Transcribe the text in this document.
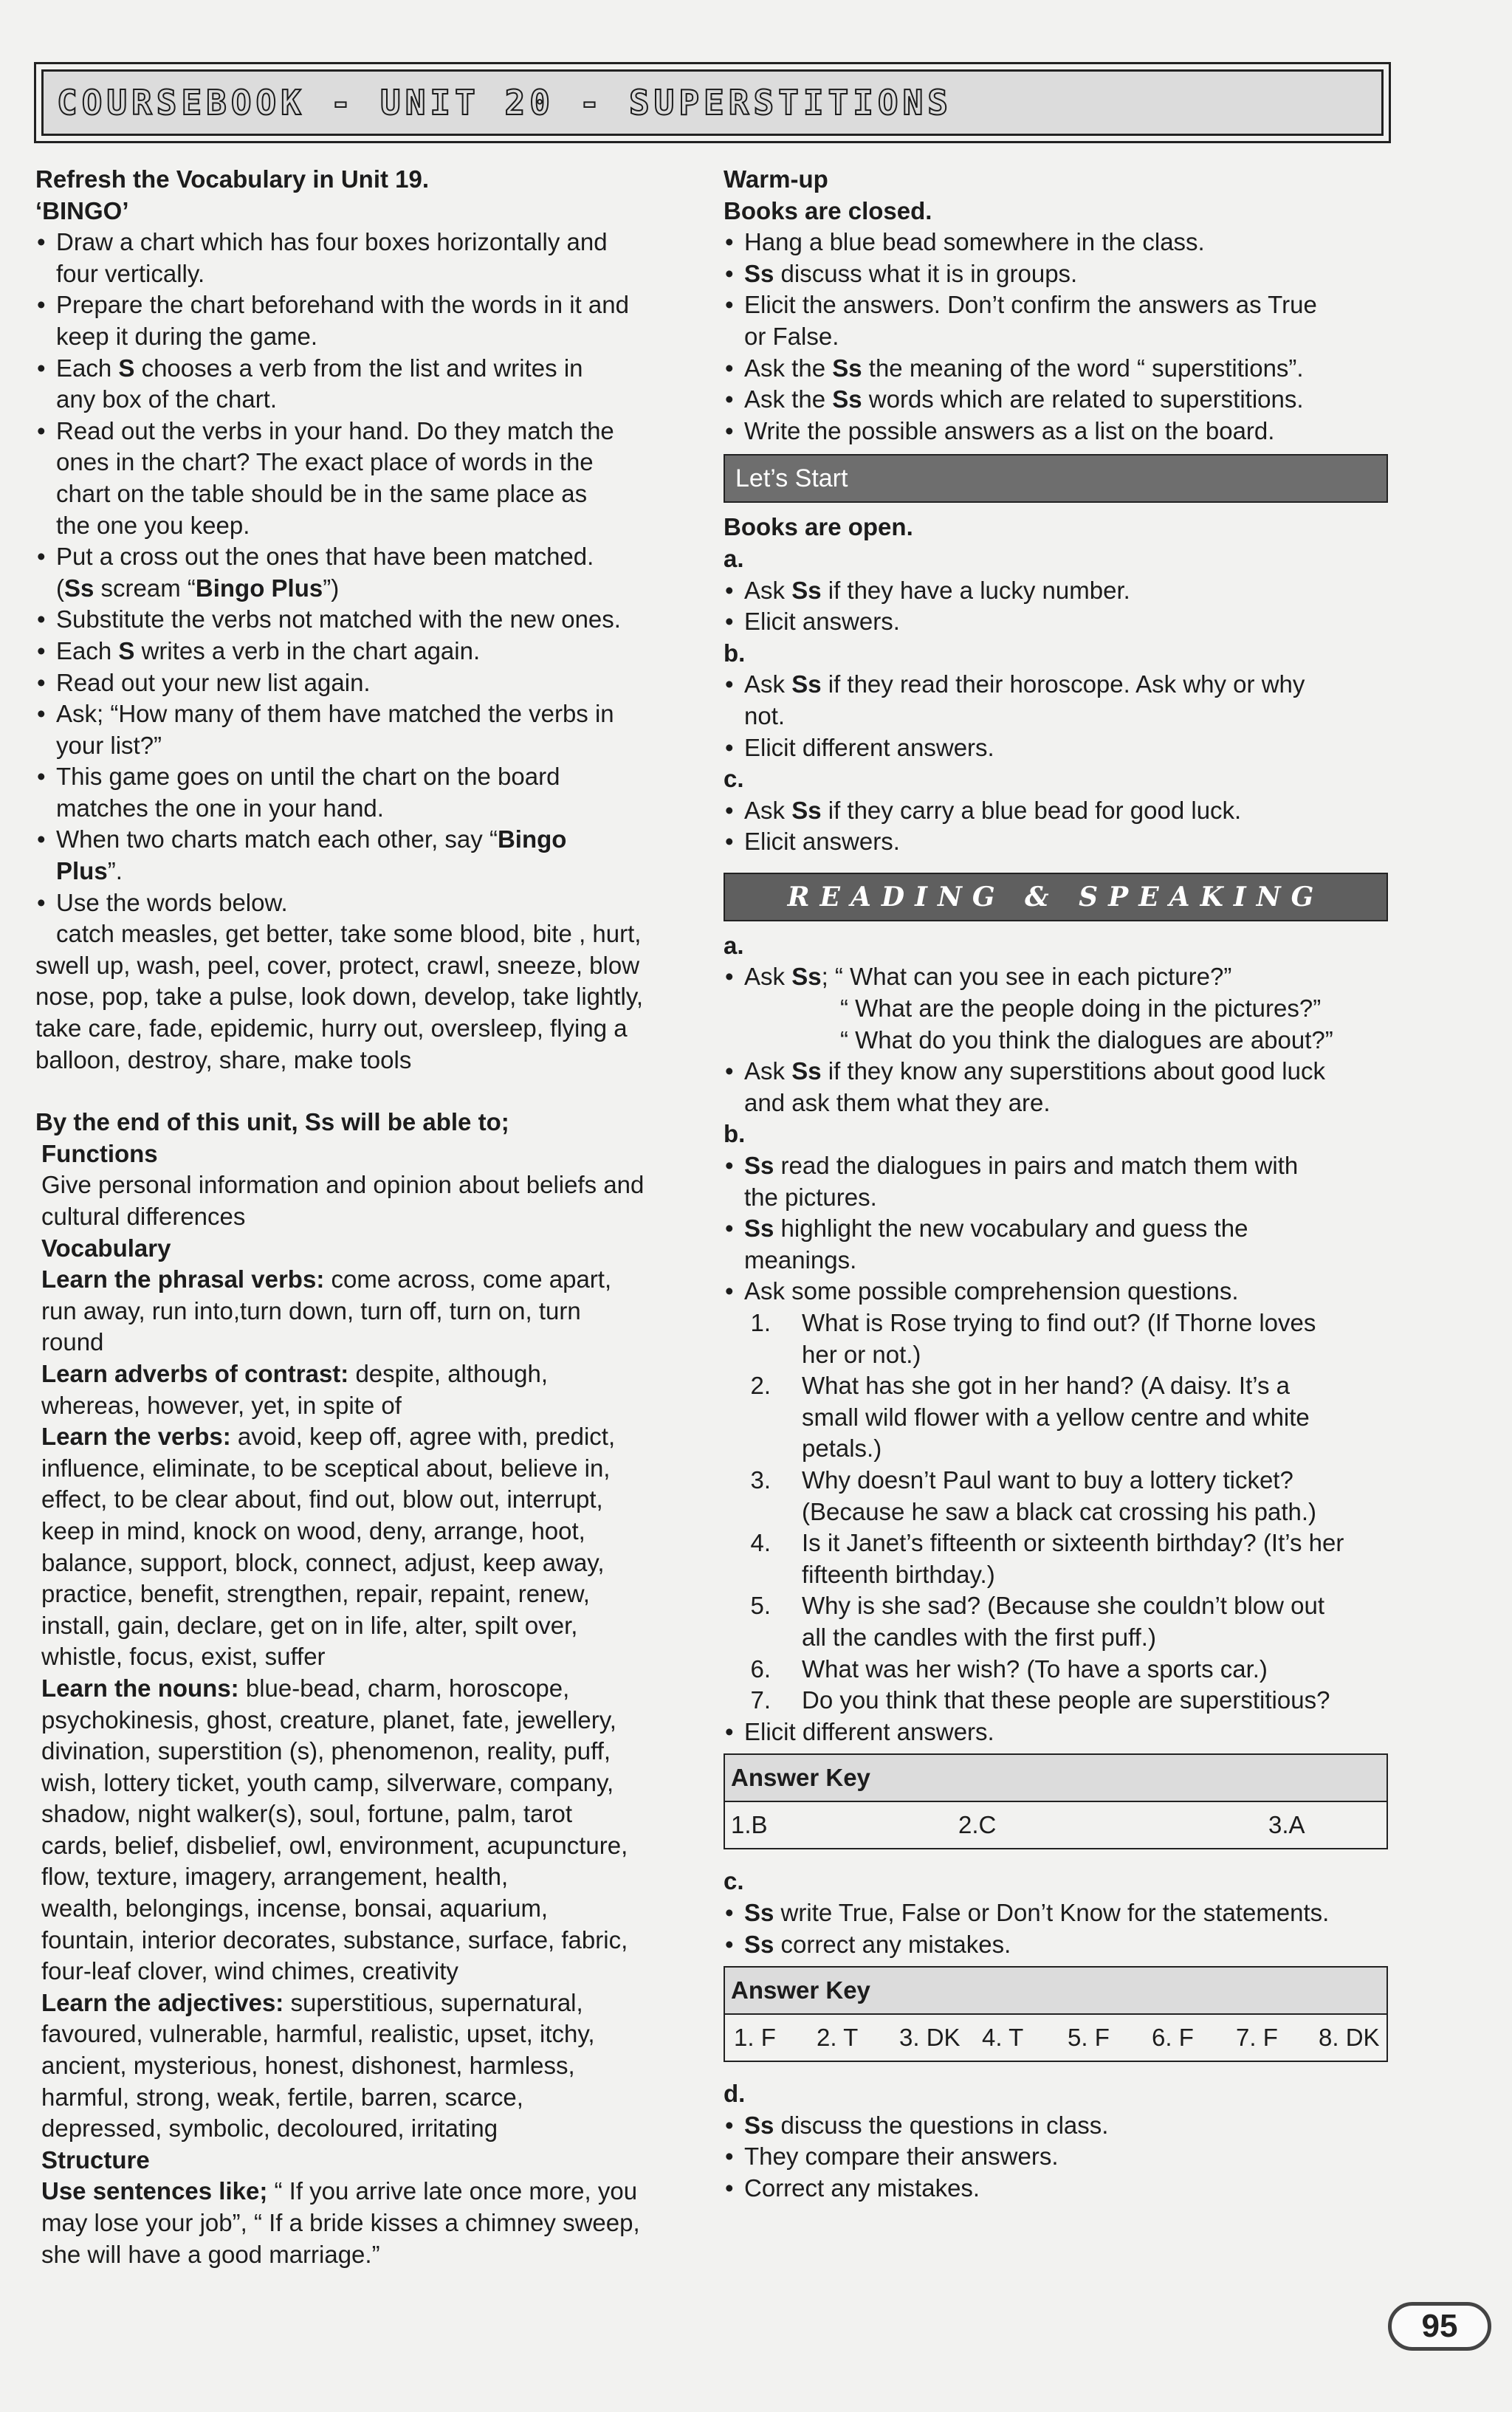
COURSEBOOK - UNIT 20 - SUPERSTITIONS
Refresh the Vocabulary in Unit 19.
‘BINGO’
• Draw a chart which has four boxes horizontally and
four vertically.
• Prepare the chart beforehand with the words in it and
keep it during the game.
• Each S chooses a verb from the list and writes in
any box of the chart.
• Read out the verbs in your hand. Do they match the
ones in the chart? The exact place of words in the
chart on the table should be in the same place as
the one you keep.
• Put a cross out the ones that have been matched.
(Ss scream “Bingo Plus”)
• Substitute the verbs not matched with the new ones.
• Each S writes a verb in the chart again.
• Read out your new list again.
• Ask; “How many of them have matched the verbs in
your list?”
• This game goes on until the chart on the board
matches the one in your hand.
• When two charts match each other, say “Bingo
Plus”.
• Use the words below.
catch measles, get better, take some blood, bite , hurt,
swell up, wash, peel, cover, protect, crawl, sneeze, blow
nose, pop, take a pulse, look down, develop, take lightly,
take care, fade, epidemic, hurry out, oversleep, flying a
balloon, destroy, share, make tools
By the end of this unit, Ss will be able to;
Functions
Give personal information and opinion about beliefs and
cultural differences
Vocabulary
Learn the phrasal verbs: come across, come apart,
run away, run into,turn down, turn off, turn on, turn
round
Learn adverbs of contrast: despite, although,
whereas, however, yet, in spite of
Learn the verbs: avoid, keep off, agree with, predict,
influence, eliminate, to be sceptical about, believe in,
effect, to be clear about, find out, blow out, interrupt,
keep in mind, knock on wood, deny, arrange, hoot,
balance, support, block, connect, adjust, keep away,
practice, benefit, strengthen, repair, repaint, renew,
install, gain, declare, get on in life, alter, spilt over,
whistle, focus, exist, suffer
Learn the nouns: blue-bead, charm, horoscope,
psychokinesis, ghost, creature, planet, fate, jewellery,
divination, superstition (s), phenomenon, reality, puff,
wish, lottery ticket, youth camp, silverware, company,
shadow, night walker(s), soul, fortune, palm, tarot
cards, belief, disbelief, owl, environment, acupuncture,
flow, texture, imagery, arrangement, health,
wealth, belongings, incense, bonsai, aquarium,
fountain, interior decorates, substance, surface, fabric,
four-leaf clover, wind chimes, creativity
Learn the adjectives: superstitious, supernatural,
favoured, vulnerable, harmful, realistic, upset, itchy,
ancient, mysterious, honest, dishonest, harmless,
harmful, strong, weak, fertile, barren, scarce,
depressed, symbolic, decoloured, irritating
Structure
Use sentences like; “ If you arrive late once more, you
may lose your job”, “ If a bride kisses a chimney sweep,
she will have a good marriage.”
Warm-up
Books are closed.
• Hang a blue bead somewhere in the class.
• Ss discuss what it is in groups.
• Elicit the answers. Don’t confirm the answers as True
or False.
• Ask the Ss the meaning of the word “ superstitions”.
• Ask the Ss words which are related to superstitions.
• Write the possible answers as a list on the board.
Let’s Start
Books are open.
a.
• Ask Ss if they have a lucky number.
• Elicit answers.
b.
• Ask Ss if they read their horoscope. Ask why or why
not.
• Elicit different answers.
c.
• Ask Ss if they carry a blue bead for good luck.
• Elicit answers.
READING & SPEAKING
a.
• Ask Ss; “ What can you see in each picture?”
“ What are the people doing in the pictures?”
“ What do you think the dialogues are about?”
• Ask Ss if they know any superstitions about good luck
and ask them what they are.
b.
• Ss read the dialogues in pairs and match them with
the pictures.
• Ss highlight the new vocabulary and guess the
meanings.
• Ask some possible comprehension questions.
1.	What is Rose trying to find out? (If Thorne loves
her or not.)
2.	What has she got in her hand? (A daisy. It’s a
small wild flower with a yellow centre and white
petals.)
3.	Why doesn’t Paul want to buy a lottery ticket?
(Because he saw a black cat crossing his path.)
4.	Is it Janet’s fifteenth or sixteenth birthday? (It’s her
fifteenth birthday.)
5.	Why is she sad? (Because she couldn’t blow out
all the candles with the first puff.)
6.	What was her wish? (To have a sports car.)
7.	Do you think that these people are superstitious?
• Elicit different answers.
Answer Key
1.B	2.C	3.A
c.
• Ss write True, False or Don’t Know for the statements.
• Ss correct any mistakes.
Answer Key
1. F	2. T	3. DK 4. T	5. F	6. F	7. F	8. DK
d.
• Ss discuss the questions in class.
• They compare their answers.
• Correct any mistakes.
95
